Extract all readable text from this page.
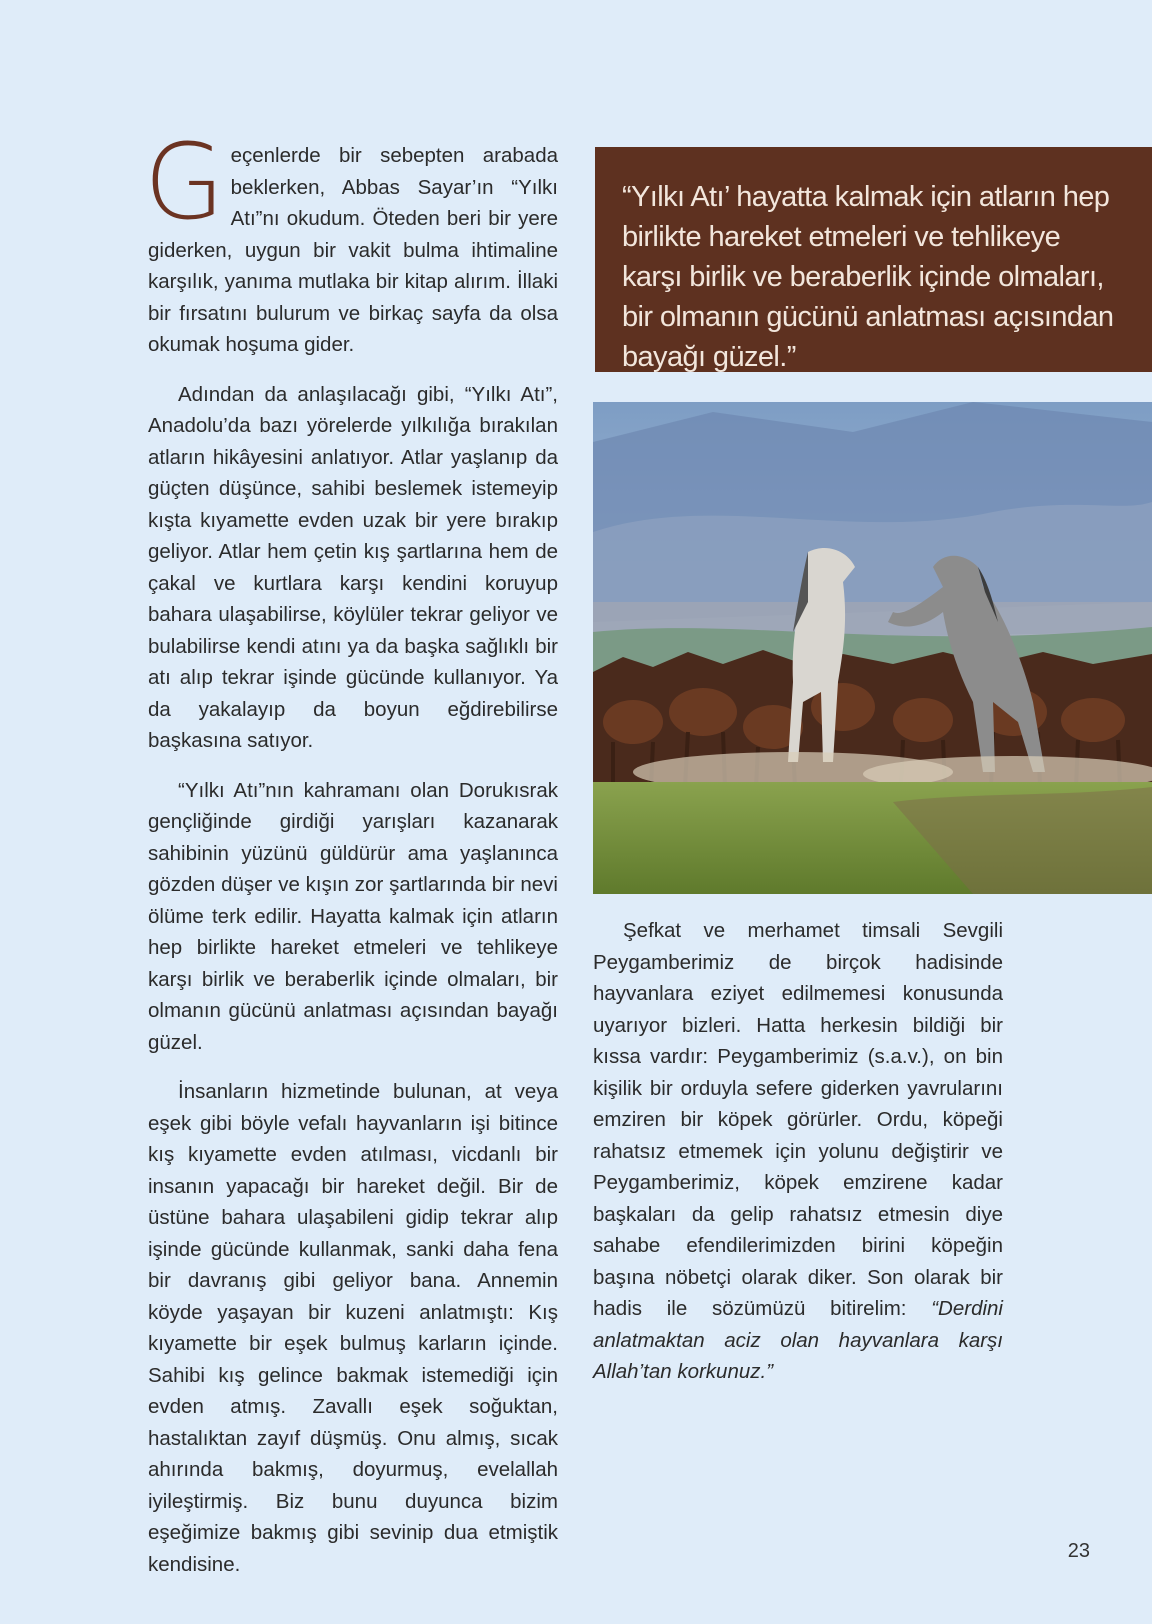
Geçenlerde bir sebepten arabada beklerken, Abbas Sayar’ın “Yılkı Atı”nı okudum. Öteden beri bir yere giderken, uygun bir vakit bulma ihtimaline karşılık, yanıma mutlaka bir kitap alırım. İllaki bir fırsatını bulurum ve birkaç sayfa da olsa okumak hoşuma gider.

Adından da anlaşılacağı gibi, “Yılkı Atı”, Anadolu’da bazı yörelerde yılkılığa bırakılan atların hikâyesini anlatıyor. Atlar yaşlanıp da güçten düşünce, sahibi beslemek istemeyip kışta kıyamette evden uzak bir yere bırakıp geliyor. Atlar hem çetin kış şartlarına hem de çakal ve kurtlara karşı kendini koruyup bahara ulaşabilirse, köylüler tekrar geliyor ve bulabilirse kendi atını ya da başka sağlıklı bir atı alıp tekrar işinde gücünde kullanıyor. Ya da yakalayıp da boyun eğdirebilirse başkasına satıyor.

“Yılkı Atı”nın kahramanı olan Dorukısrak gençliğinde girdiği yarışları kazanarak sahibinin yüzünü güldürür ama yaşlanınca gözden düşer ve kışın zor şartlarında bir nevi ölüme terk edilir. Hayatta kalmak için atların hep birlikte hareket etmeleri ve tehlikeye karşı birlik ve beraberlik içinde olmaları, bir olmanın gücünü anlatması açısından bayağı güzel.

İnsanların hizmetinde bulunan, at veya eşek gibi böyle vefalı hayvanların işi bitince kış kıyamette evden atılması, vicdanlı bir insanın yapacağı bir hareket değil. Bir de üstüne bahara ulaşabileni gidip tekrar alıp işinde gücünde kullanmak, sanki daha fena bir davranış gibi geliyor bana. Annemin köyde yaşayan bir kuzeni anlatmıştı: Kış kıyamette bir eşek bulmuş karların içinde. Sahibi kış gelince bakmak istemediği için evden atmış. Zavallı eşek soğuktan, hastalıktan zayıf düşmüş. Onu almış, sıcak ahırında bakmış, doyurmuş, evelallah iyileştirmiş. Biz bunu duyunca bizim eşeğimize bakmış gibi sevinip dua etmiştik kendisine.

“Yılkı Atı’ hayatta kalmak için atların hep birlikte hareket etmeleri ve tehlikeye karşı birlik ve beraberlik içinde olmaları, bir olmanın gücünü anlatması açısından bayağı güzel.”

Şefkat ve merhamet timsali Sevgili Peygamberimiz de birçok hadisinde hayvanlara eziyet edilmemesi konusunda uyarıyor bizleri. Hatta herkesin bildiği bir kıssa vardır: Peygamberimiz (s.a.v.), on bin kişilik bir orduyla sefere giderken yavrularını emziren bir köpek görürler. Ordu, köpeği rahatsız etmemek için yolunu değiştirir ve Peygamberimiz, köpek emzirene kadar başkaları da gelip rahatsız etmesin diye sahabe efendilerimizden birini köpeğin başına nöbetçi olarak diker. Son olarak bir hadis ile sözümüzü bitirelim: “Derdini anlatmaktan aciz olan hayvanlara karşı Allah’tan korkunuz.”

23
